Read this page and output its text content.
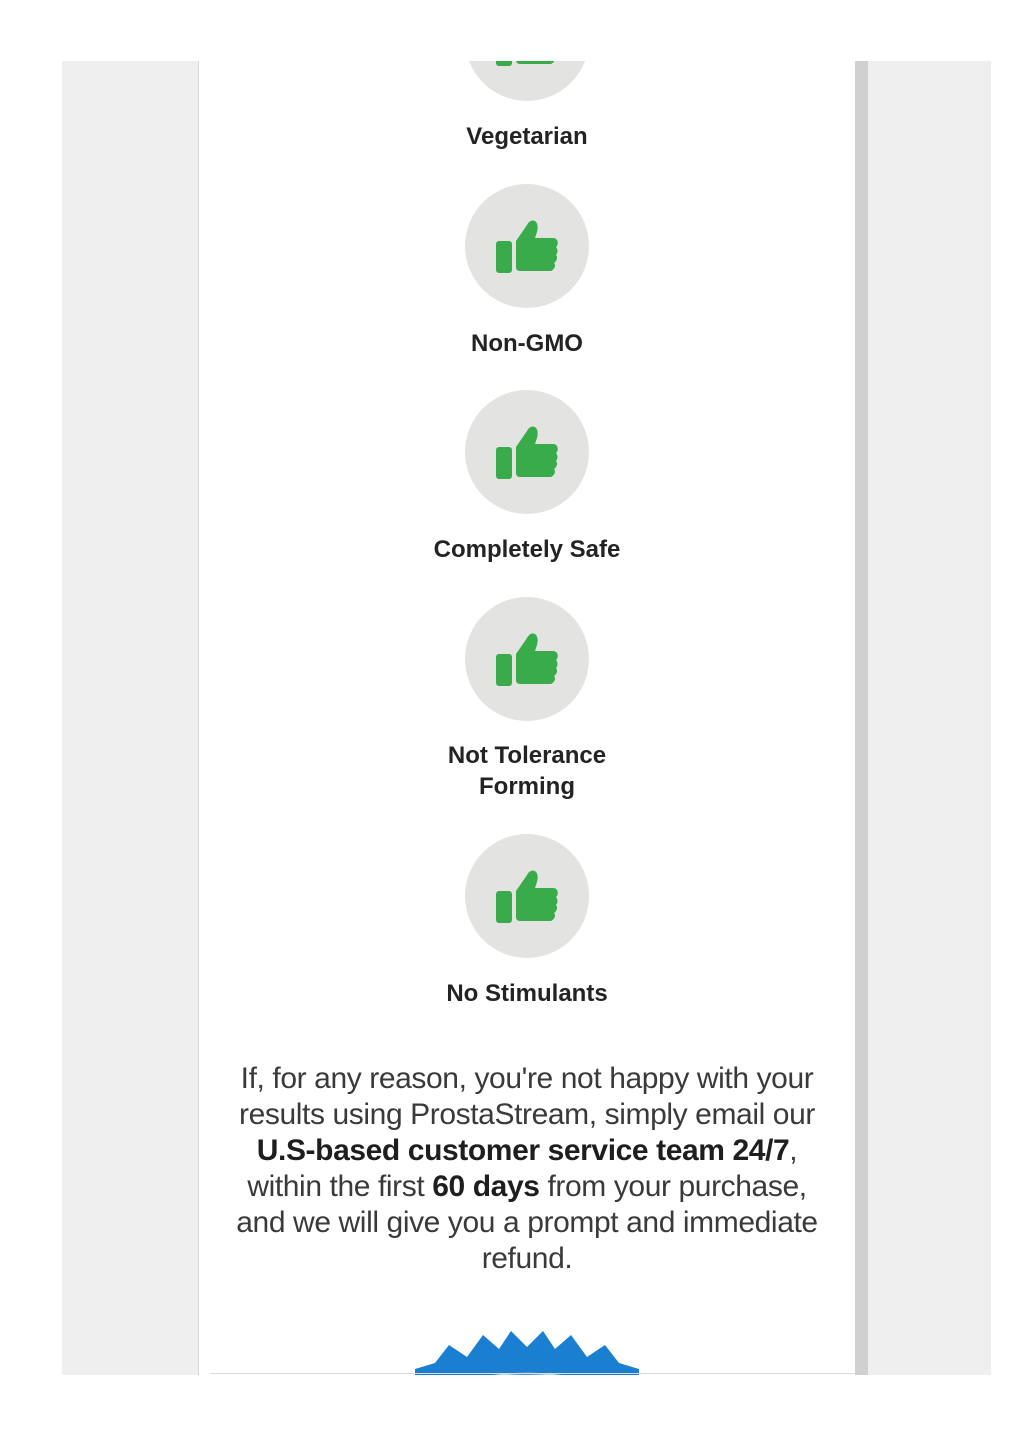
Vegetarian
Non-GMO
Completely Safe
Not Tolerance Forming
No Stimulants
If, for any reason, you're not happy with your results using ProstaStream, simply email our U.S-based customer service team 24/7, within the first 60 days from your purchase, and we will give you a prompt and immediate refund.
